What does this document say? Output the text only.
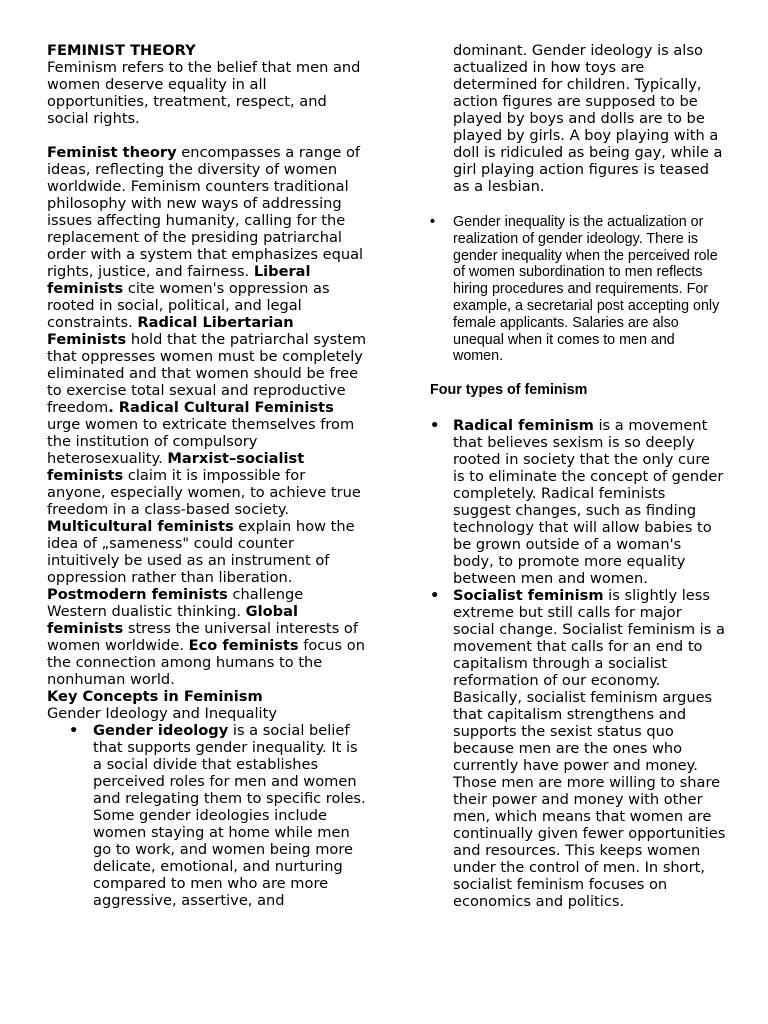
FEMINIST THEORY

Feminism refers to the belief that men and women deserve equality in all opportunities, treatment, respect, and social rights.

Feminist theory encompasses a range of ideas, reflecting the diversity of women worldwide. Feminism counters traditional philosophy with new ways of addressing issues affecting humanity, calling for the replacement of the presiding patriarchal order with a system that emphasizes equal rights, justice, and fairness. Liberal feminists cite women's oppression as rooted in social, political, and legal constraints. Radical Libertarian Feminists hold that the patriarchal system that oppresses women must be completely eliminated and that women should be free to exercise total sexual and reproductive freedom. Radical Cultural Feminists urge women to extricate themselves from the institution of compulsory heterosexuality. Marxist–socialist feminists claim it is impossible for anyone, especially women, to achieve true freedom in a class-based society. Multicultural feminists explain how the idea of „sameness" could counter intuitively be used as an instrument of oppression rather than liberation. Postmodern feminists challenge Western dualistic thinking. Global feminists stress the universal interests of women worldwide. Eco feminists focus on the connection among humans to the nonhuman world.

Key Concepts in Feminism

Gender Ideology and Inequality

• Gender ideology is a social belief that supports gender inequality. It is a social divide that establishes perceived roles for men and women and relegating them to specific roles. Some gender ideologies include women staying at home while men go to work, and women being more delicate, emotional, and nurturing compared to men who are more aggressive, assertive, and

dominant. Gender ideology is also actualized in how toys are determined for children. Typically, action figures are supposed to be played by boys and dolls are to be played by girls. A boy playing with a doll is ridiculed as being gay, while a girl playing action figures is teased as a lesbian.

• Gender inequality is the actualization or realization of gender ideology. There is gender inequality when the perceived role of women subordination to men reflects hiring procedures and requirements. For example, a secretarial post accepting only female applicants. Salaries are also unequal when it comes to men and women.

Four types of feminism

• Radical feminism is a movement that believes sexism is so deeply rooted in society that the only cure is to eliminate the concept of gender completely. Radical feminists suggest changes, such as finding technology that will allow babies to be grown outside of a woman's body, to promote more equality between men and women.
• Socialist feminism is slightly less extreme but still calls for major social change. Socialist feminism is a movement that calls for an end to capitalism through a socialist reformation of our economy. Basically, socialist feminism argues that capitalism strengthens and supports the sexist status quo because men are the ones who currently have power and money. Those men are more willing to share their power and money with other men, which means that women are continually given fewer opportunities and resources. This keeps women under the control of men. In short, socialist feminism focuses on economics and politics.
